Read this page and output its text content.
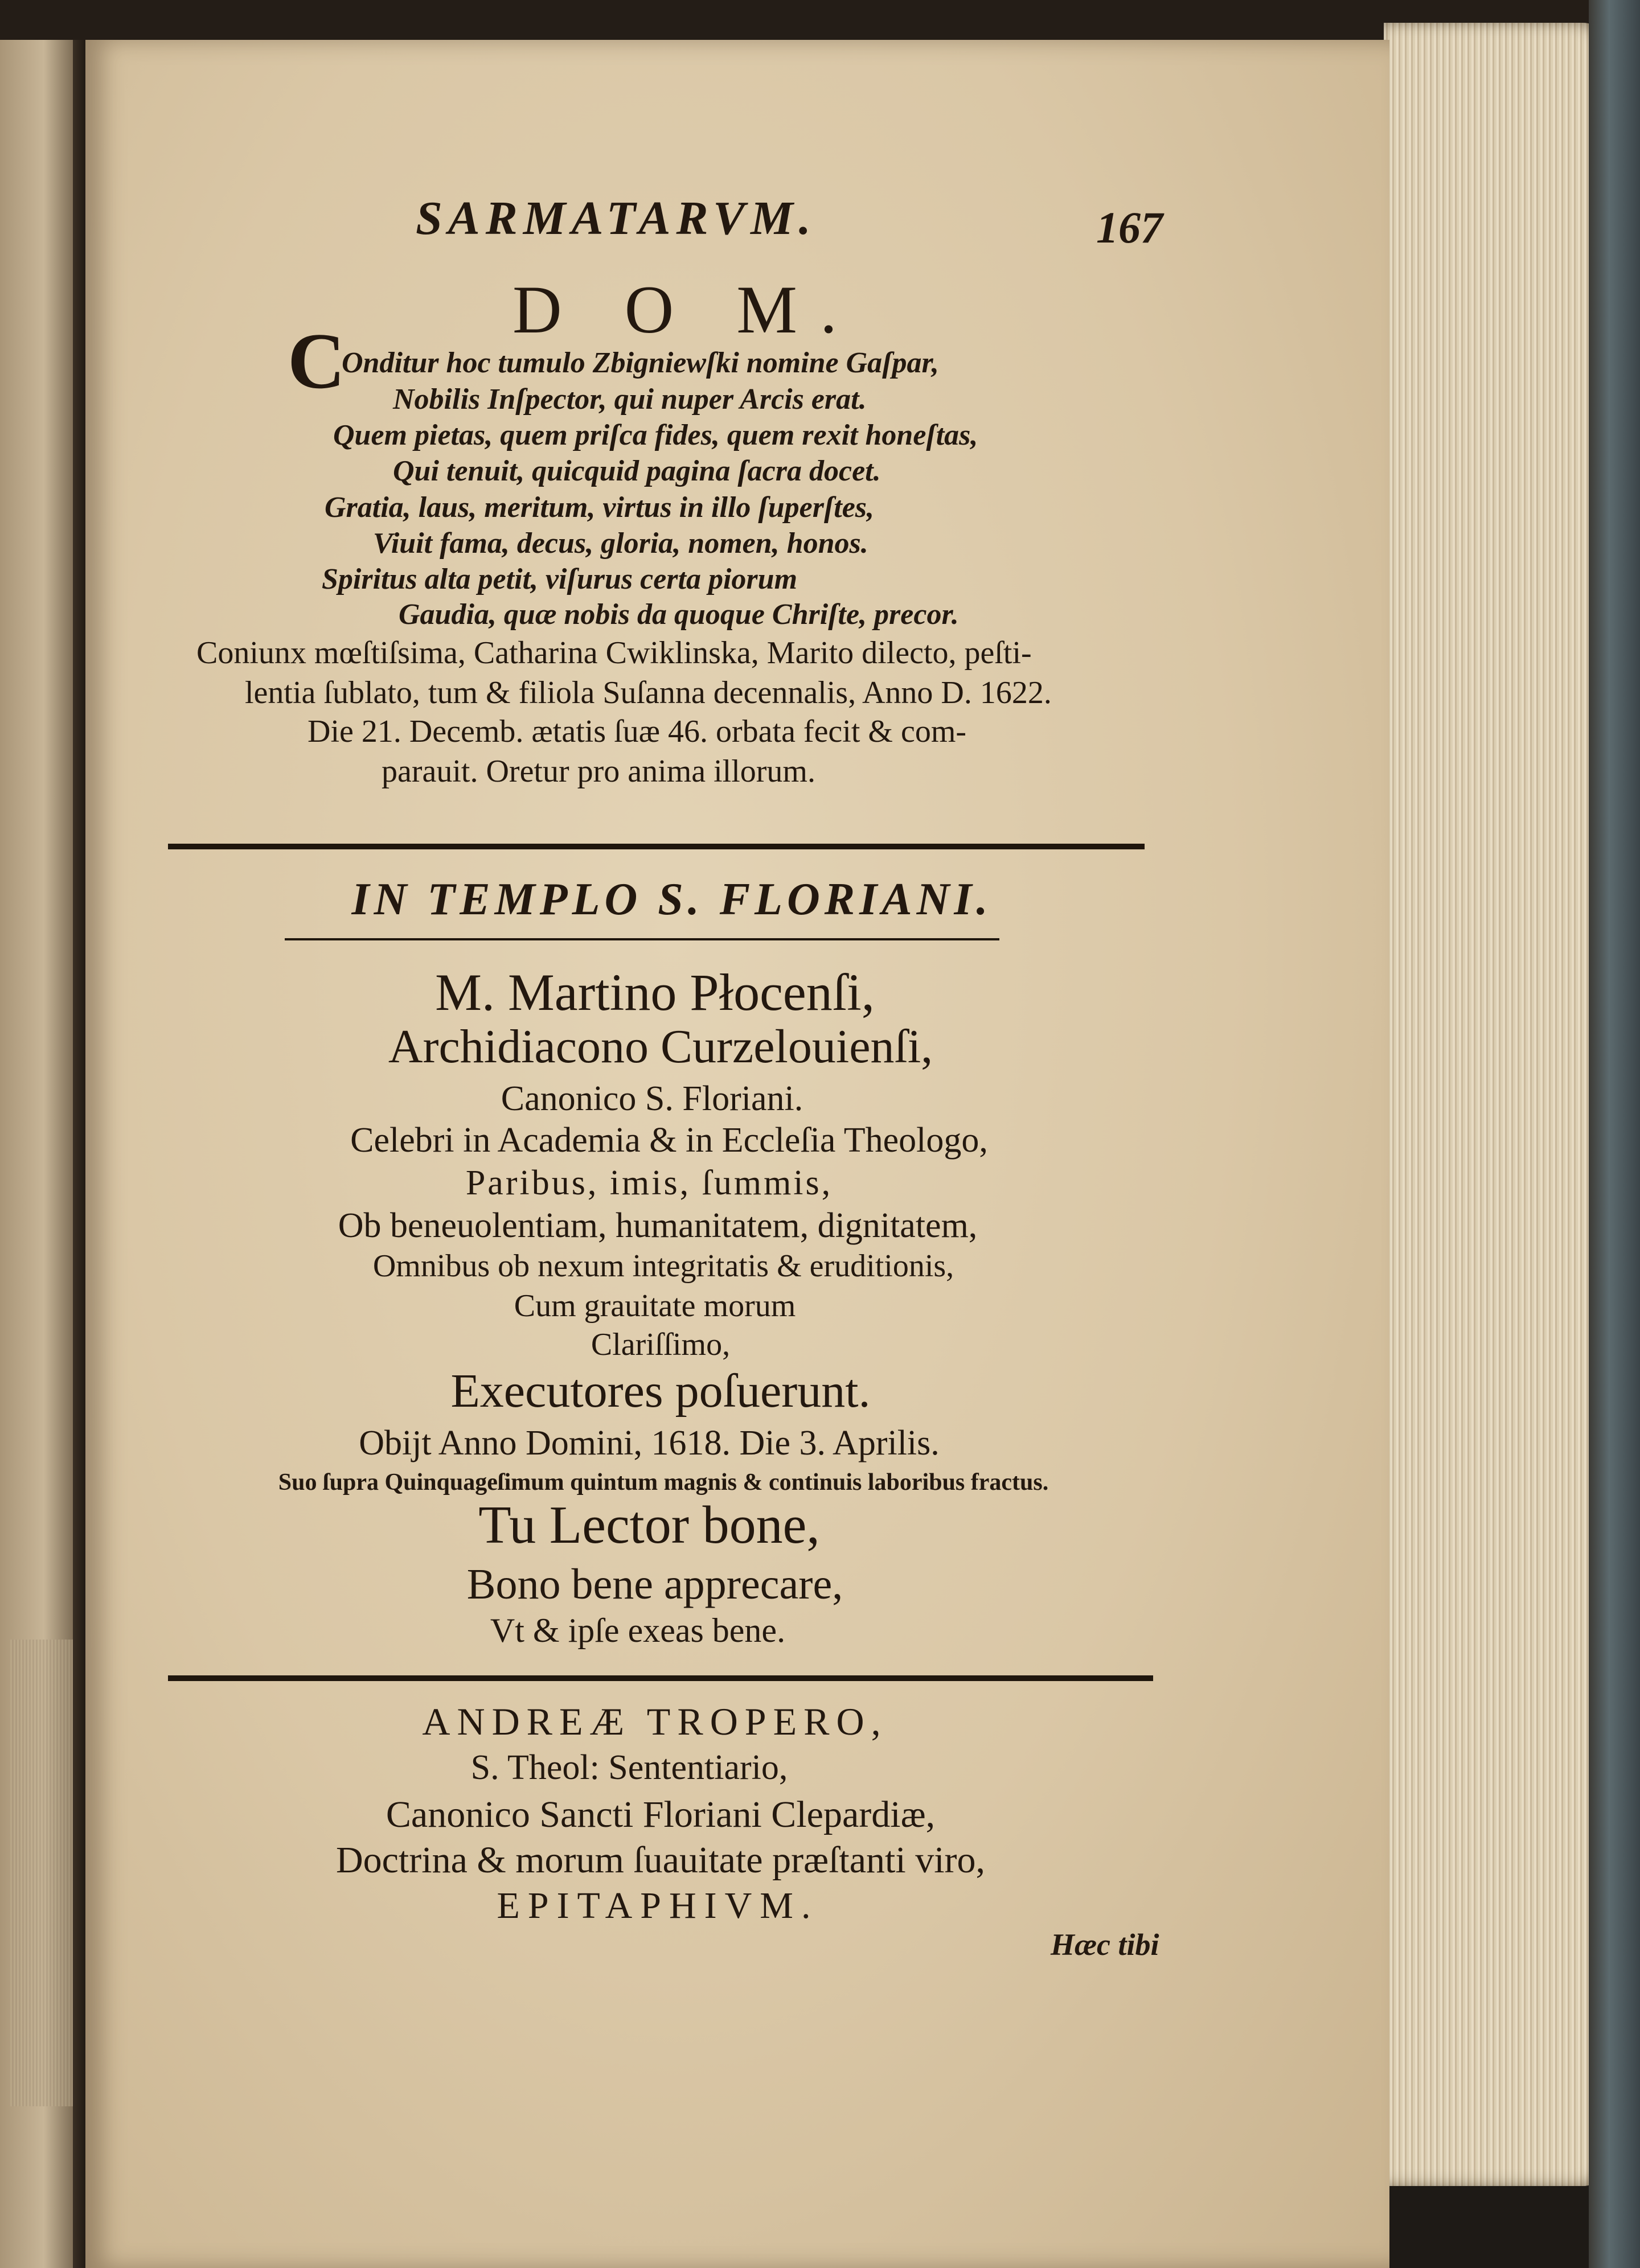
SARMATARVM.	167
D O M.
C
Onditur hoc tumulo Zbigniewſki nomine Gaſpar,
Nobilis Inſpector, qui nuper Arcis erat.
Quem pietas, quem priſca fides, quem rexit honeſtas,
Qui tenuit, quicquid pagina ſacra docet.
Gratia, laus, meritum, virtus in illo ſuperſtes,
Viuit fama, decus, gloria, nomen, honos.
Spiritus alta petit, viſurus certa piorum
Gaudia, quæ nobis da quoque Chriſte, precor.
Coniunx mœſtiſsima, Catharina Cwiklinska, Marito dilecto, peſti-
lentia ſublato, tum & filiola Suſanna decennalis, Anno D. 1622.
Die 21. Decemb. ætatis ſuæ 46. orbata fecit & com-
parauit. Oretur pro anima illorum.
IN TEMPLO S. FLORIANI.
M. Martino Płocenſi,
Archidiacono Curzelouienſi,
Canonico S. Floriani.
Celebri in Academia & in Eccleſia Theologo,
Paribus, imis, ſummis,
Ob beneuolentiam, humanitatem, dignitatem,
Omnibus ob nexum integritatis & eruditionis,
Cum grauitate morum
Clariſſimo,
Executores poſuerunt.
Obijt Anno Domini, 1618. Die 3. Aprilis.
Suo ſupra Quinquageſimum quintum magnis & continuis laboribus fractus.
Tu Lector bone,
Bono bene apprecare,
Vt & ipſe exeas bene.
ANDREÆ TROPERO,
S. Theol: Sententiario,
Canonico Sancti Floriani Clepardiæ,
Doctrina & morum ſuauitate præſtanti viro,
EPITAPHIVM.
Hæc tibi
